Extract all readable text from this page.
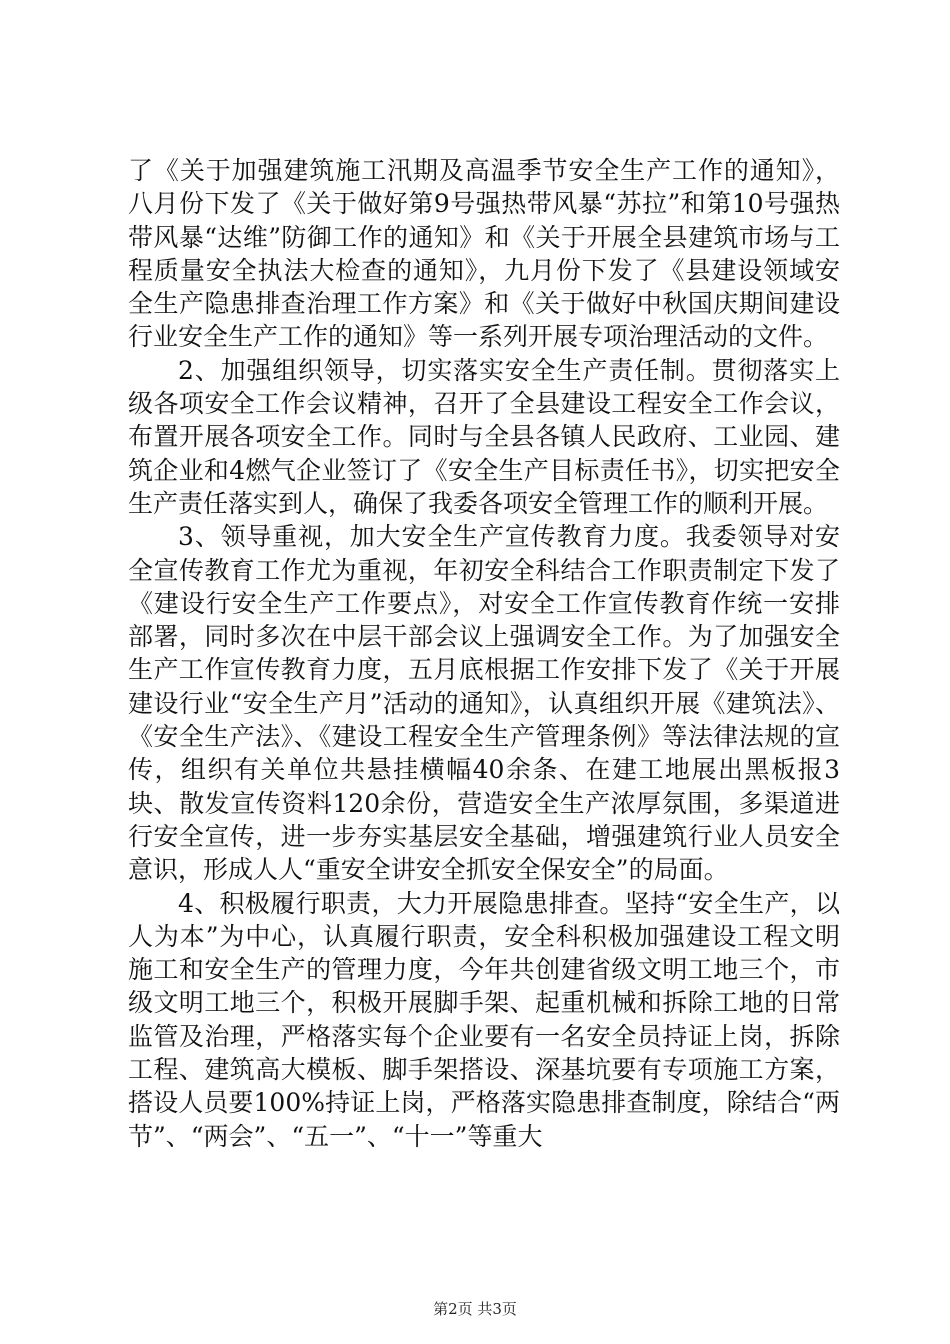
了《关于加强建筑施工汛期及高温季节安全生产工作的通知》，八月份下发了《关于做好第9号强热带风暴“苏拉”和第10号强热带风暴“达维”防御工作的通知》和《关于开展全县建筑市场与工程质量安全执法大检查的通知》，九月份下发了《县建设领域安全生产隐患排查治理工作方案》和《关于做好中秋国庆期间建设行业安全生产工作的通知》等一系列开展专项治理活动的文件。

2、加强组织领导，切实落实安全生产责任制。贯彻落实上级各项安全工作会议精神，召开了全县建设工程安全工作会议，布置开展各项安全工作。同时与全县各镇人民政府、工业园、建筑企业和4燃气企业签订了《安全生产目标责任书》，切实把安全生产责任落实到人，确保了我委各项安全管理工作的顺利开展。

3、领导重视，加大安全生产宣传教育力度。我委领导对安全宣传教育工作尤为重视，年初安全科结合工作职责制定下发了《建设行安全生产工作要点》，对安全工作宣传教育作统一安排部署，同时多次在中层干部会议上强调安全工作。为了加强安全生产工作宣传教育力度，五月底根据工作安排下发了《关于开展建设行业“安全生产月”活动的通知》，认真组织开展《建筑法》、《安全生产法》、《建设工程安全生产管理条例》等法律法规的宣传，组织有关单位共悬挂横幅40余条、在建工地展出黑板报3块、散发宣传资料120余份，营造安全生产浓厚氛围，多渠道进行安全宣传，进一步夯实基层安全基础，增强建筑行业人员安全意识，形成人人“重安全讲安全抓安全保安全”的局面。

4、积极履行职责，大力开展隐患排查。坚持“安全生产，以人为本”为中心，认真履行职责，安全科积极加强建设工程文明施工和安全生产的管理力度，今年共创建省级文明工地三个，市级文明工地三个，积极开展脚手架、起重机械和拆除工地的日常监管及治理，严格落实每个企业要有一名安全员持证上岗，拆除工程、建筑高大模板、脚手架搭设、深基坑要有专项施工方案，搭设人员要100%持证上岗，严格落实隐患排查制度，除结合“两节”、“两会”、“五一”、“十一”等重大

第2页 共3页
